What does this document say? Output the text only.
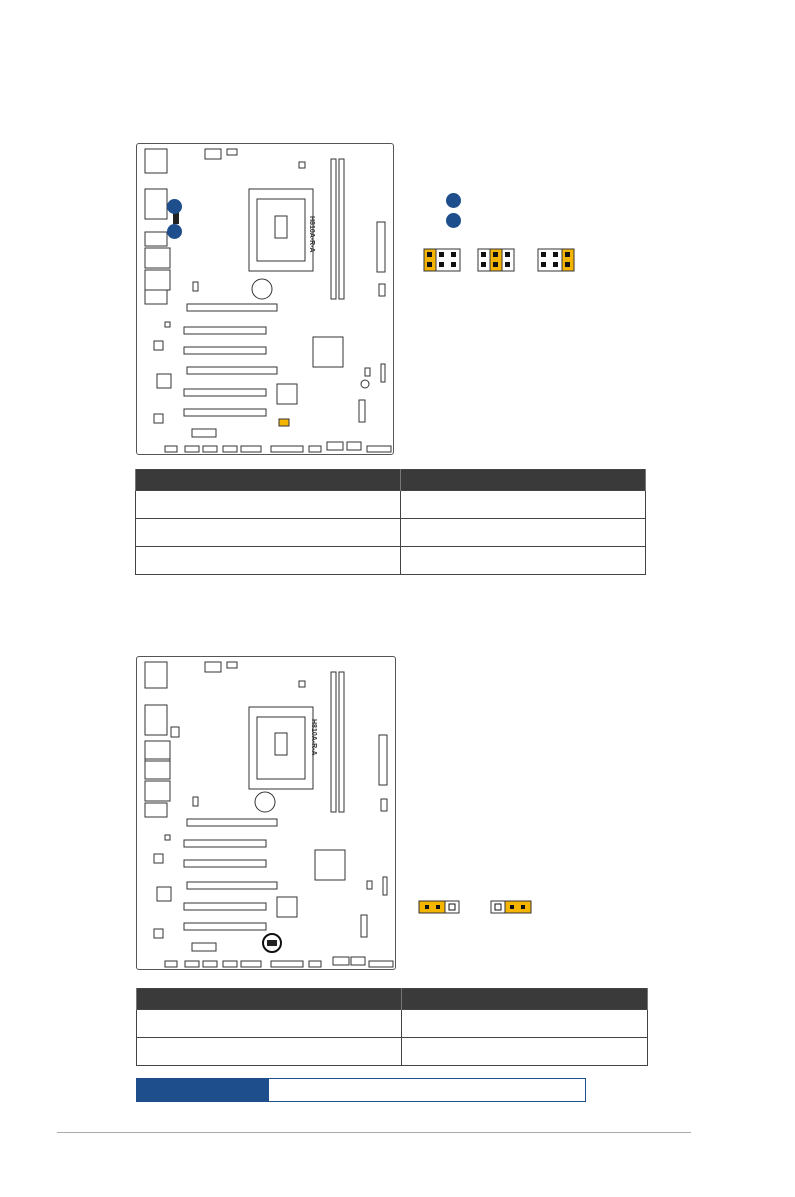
H810A-R-A

H810A-R-A
